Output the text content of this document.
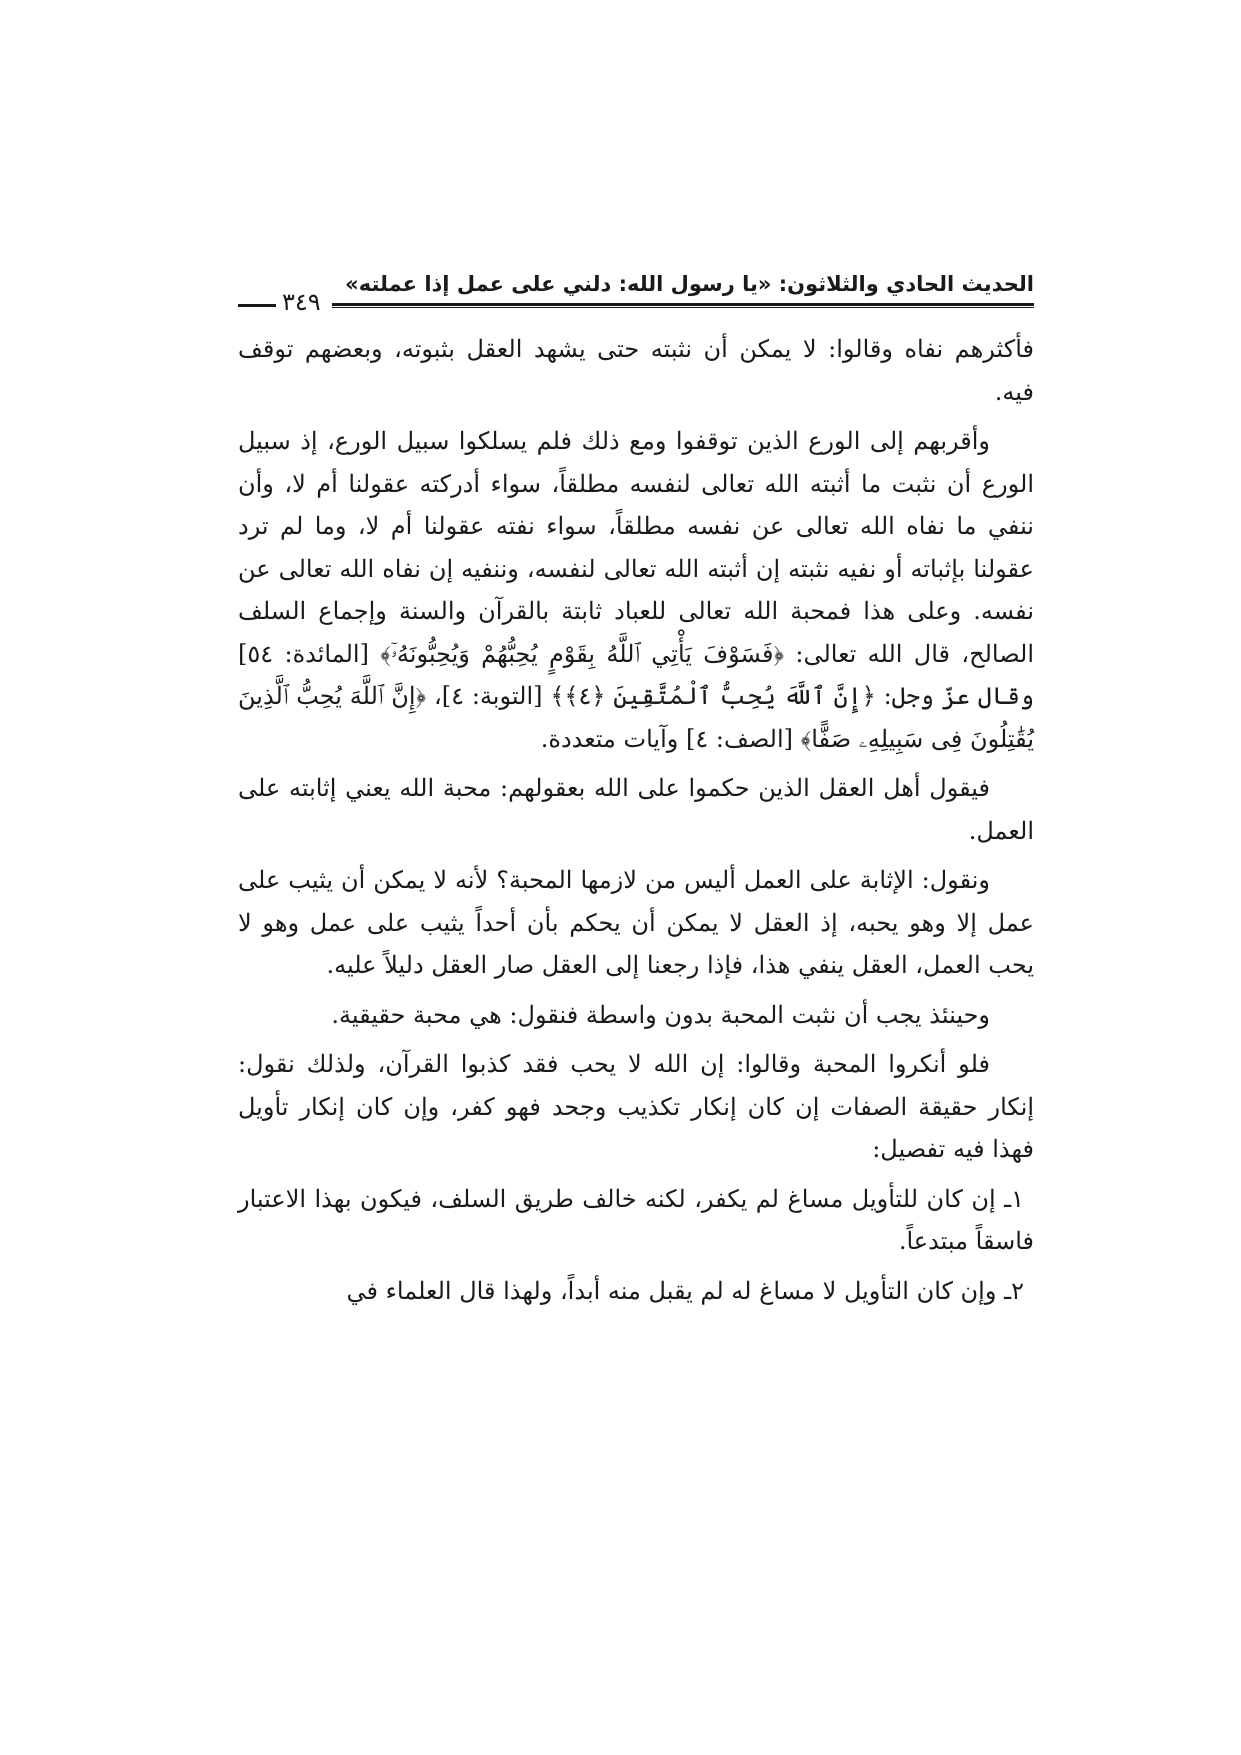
الحديث الحادي والثلاثون: «يا رسول الله: دلني على عمل إذا عملته»
٣٤٩

فأكثرهم نفاه وقالوا: لا يمكن أن نثبته حتى يشهد العقل بثبوته، وبعضهم توقف فيه.

وأقربهم إلى الورع الذين توقفوا ومع ذلك فلم يسلكوا سبيل الورع، إذ سبيل الورع أن نثبت ما أثبته الله تعالى لنفسه مطلقاً، سواء أدركته عقولنا أم لا، وأن ننفي ما نفاه الله تعالى عن نفسه مطلقاً، سواء نفته عقولنا أم لا، وما لم ترد عقولنا بإثباته أو نفيه نثبته إن أثبته الله تعالى لنفسه، وننفيه إن نفاه الله تعالى عن نفسه. وعلى هذا فمحبة الله تعالى للعباد ثابتة بالقرآن والسنة وإجماع السلف الصالح، قال الله تعالى: ﴿فَسَوْفَ يَأْتِي ٱللَّهُ بِقَوْمٍ يُحِبُّهُمْ وَيُحِبُّونَهُۥٓ﴾ [المائدة: ٥٤] وقال عزّ وجل: ﴿إِنَّ ٱللَّهَ يُحِبُّ ٱلْمُتَّقِينَ ﴿٤﴾﴾ [التوبة: ٤]، ﴿إِنَّ ٱللَّهَ يُحِبُّ ٱلَّذِينَ يُقَٰتِلُونَ فِى سَبِيلِهِۦ صَفًّا﴾ [الصف: ٤] وآيات متعددة.

فيقول أهل العقل الذين حكموا على الله بعقولهم: محبة الله يعني إثابته على العمل.

ونقول: الإثابة على العمل أليس من لازمها المحبة؟ لأنه لا يمكن أن يثيب على عمل إلا وهو يحبه، إذ العقل لا يمكن أن يحكم بأن أحداً يثيب على عمل وهو لا يحب العمل، العقل ينفي هذا، فإذا رجعنا إلى العقل صار العقل دليلاً عليه.

وحينئذ يجب أن نثبت المحبة بدون واسطة فنقول: هي محبة حقيقية.

فلو أنكروا المحبة وقالوا: إن الله لا يحب فقد كذبوا القرآن، ولذلك نقول: إنكار حقيقة الصفات إن كان إنكار تكذيب وجحد فهو كفر، وإن كان إنكار تأويل فهذا فيه تفصيل:

١ـ إن كان للتأويل مساغ لم يكفر، لكنه خالف طريق السلف، فيكون بهذا الاعتبار فاسقاً مبتدعاً.

٢ـ وإن كان التأويل لا مساغ له لم يقبل منه أبداً، ولهذا قال العلماء في
